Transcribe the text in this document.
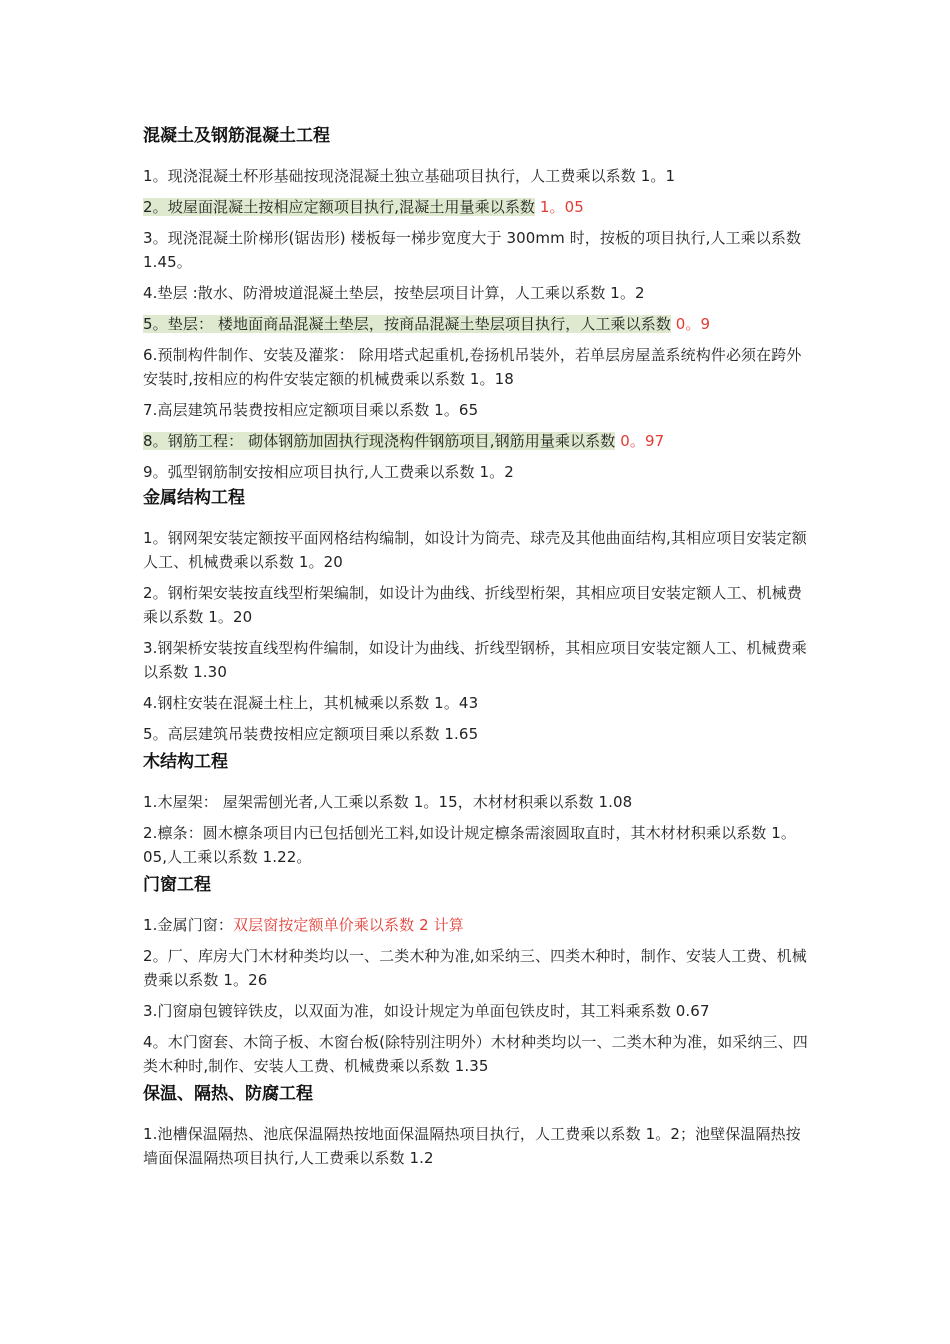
混凝土及钢筋混凝土工程

1。现浇混凝土杯形基础按现浇混凝土独立基础项目执行，人工费乘以系数 1。1

2。坡屋面混凝土按相应定额项目执行,混凝土用量乘以系数 1。05

3。现浇混凝土阶梯形(锯齿形) 楼板每一梯步宽度大于 300mm 时，按板的项目执行,人工乘以系数 1.45。

4.垫层 :散水、防滑坡道混凝土垫层，按垫层项目计算，人工乘以系数 1。2

5。垫层： 楼地面商品混凝土垫层，按商品混凝土垫层项目执行，人工乘以系数 0。9

6.预制构件制作、安装及灌浆： 除用塔式起重机,卷扬机吊装外，若单层房屋盖系统构件必须在跨外安装时,按相应的构件安装定额的机械费乘以系数 1。18

7.高层建筑吊装费按相应定额项目乘以系数 1。65

8。钢筋工程： 砌体钢筋加固执行现浇构件钢筋项目,钢筋用量乘以系数 0。97

9。弧型钢筋制安按相应项目执行,人工费乘以系数 1。2

金属结构工程

1。钢网架安装定额按平面网格结构编制，如设计为筒壳、球壳及其他曲面结构,其相应项目安装定额人工、机械费乘以系数 1。20

2。钢桁架安装按直线型桁架编制，如设计为曲线、折线型桁架，其相应项目安装定额人工、机械费乘以系数 1。20

3.钢架桥安装按直线型构件编制，如设计为曲线、折线型钢桥，其相应项目安装定额人工、机械费乘以系数 1.30

4.钢柱安装在混凝土柱上，其机械乘以系数 1。43

5。高层建筑吊装费按相应定额项目乘以系数 1.65

木结构工程

1.木屋架： 屋架需刨光者,人工乘以系数 1。15，木材材积乘以系数 1.08

2.檩条：圆木檩条项目内已包括刨光工料,如设计规定檩条需滚圆取直时，其木材材积乘以系数 1。05,人工乘以系数 1.22。

门窗工程

1.金属门窗：双层窗按定额单价乘以系数 2 计算

2。厂、库房大门木材种类均以一、二类木种为准,如采纳三、四类木种时，制作、安装人工费、机械费乘以系数 1。26

3.门窗扇包镀锌铁皮，以双面为准，如设计规定为单面包铁皮时，其工料乘系数 0.67

4。木门窗套、木筒子板、木窗台板(除特别注明外）木材种类均以一、二类木种为准，如采纳三、四类木种时,制作、安装人工费、机械费乘以系数 1.35

保温、隔热、防腐工程

1.池槽保温隔热、池底保温隔热按地面保温隔热项目执行，人工费乘以系数 1。2；池壁保温隔热按墙面保温隔热项目执行,人工费乘以系数 1.2
